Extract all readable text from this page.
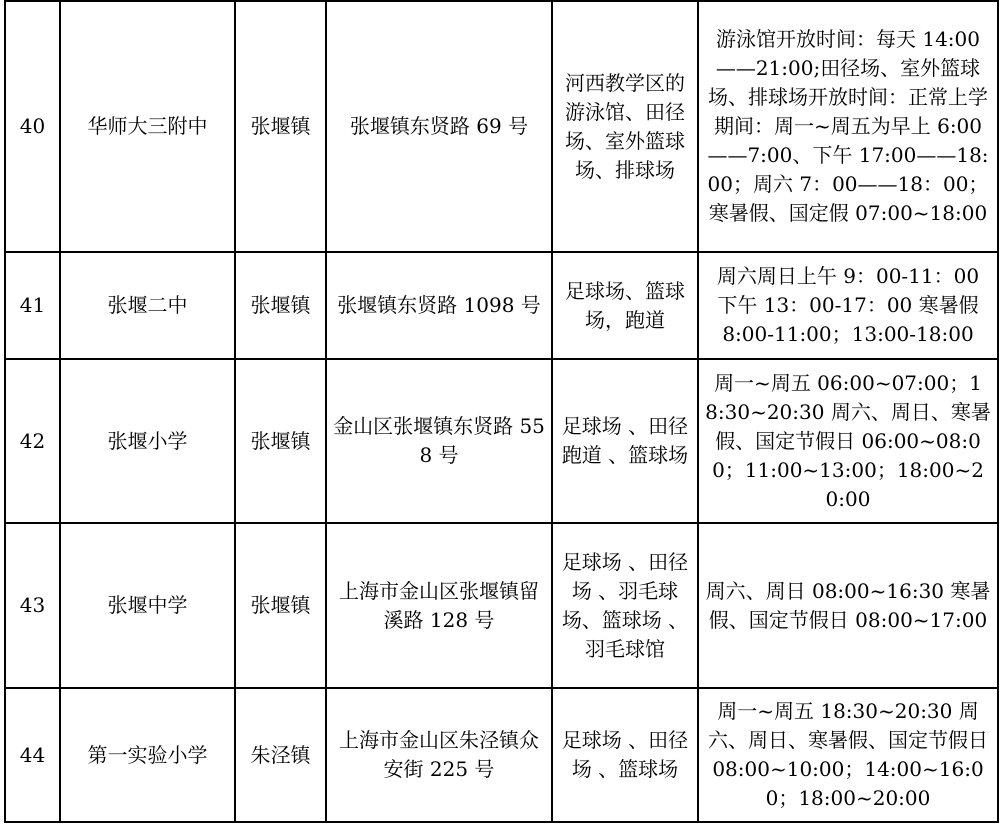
40	华师大三附中	张堰镇	张堰镇东贤路 69 号	河西教学区的游泳馆、田径场、室外篮球场、排球场	游泳馆开放时间：每天 14:00——21:00;田径场、室外篮球场、排球场开放时间：正常上学期间：周一~周五为早上 6:00——7:00、下午 17:00——18:00；周六 7：00——18：00；寒暑假、国定假 07:00~18:00
41	张堰二中	张堰镇	张堰镇东贤路 1098 号	足球场、篮球场，跑道	周六周日上午 9：00-11：00 下午 13：00-17：00 寒暑假 8:00-11:00；13:00-18:00
42	张堰小学	张堰镇	金山区张堰镇东贤路 558 号	足球场 、田径跑道 、篮球场	周一~周五 06:00~07:00；18:30~20:30 周六、周日、寒暑假、国定节假日 06:00~08:00；11:00~13:00；18:00~20:00
43	张堰中学	张堰镇	上海市金山区张堰镇留溪路 128 号	足球场 、田径场 、羽毛球场、篮球场 、羽毛球馆	周六、周日 08:00~16:30 寒暑假、国定节假日 08:00~17:00
44	第一实验小学	朱泾镇	上海市金山区朱泾镇众安街 225 号	足球场 、田径场 、篮球场	周一~周五 18:30~20:30 周六、周日、寒暑假、国定节假日 08:00~10:00；14:00~16:00；18:00~20:00
